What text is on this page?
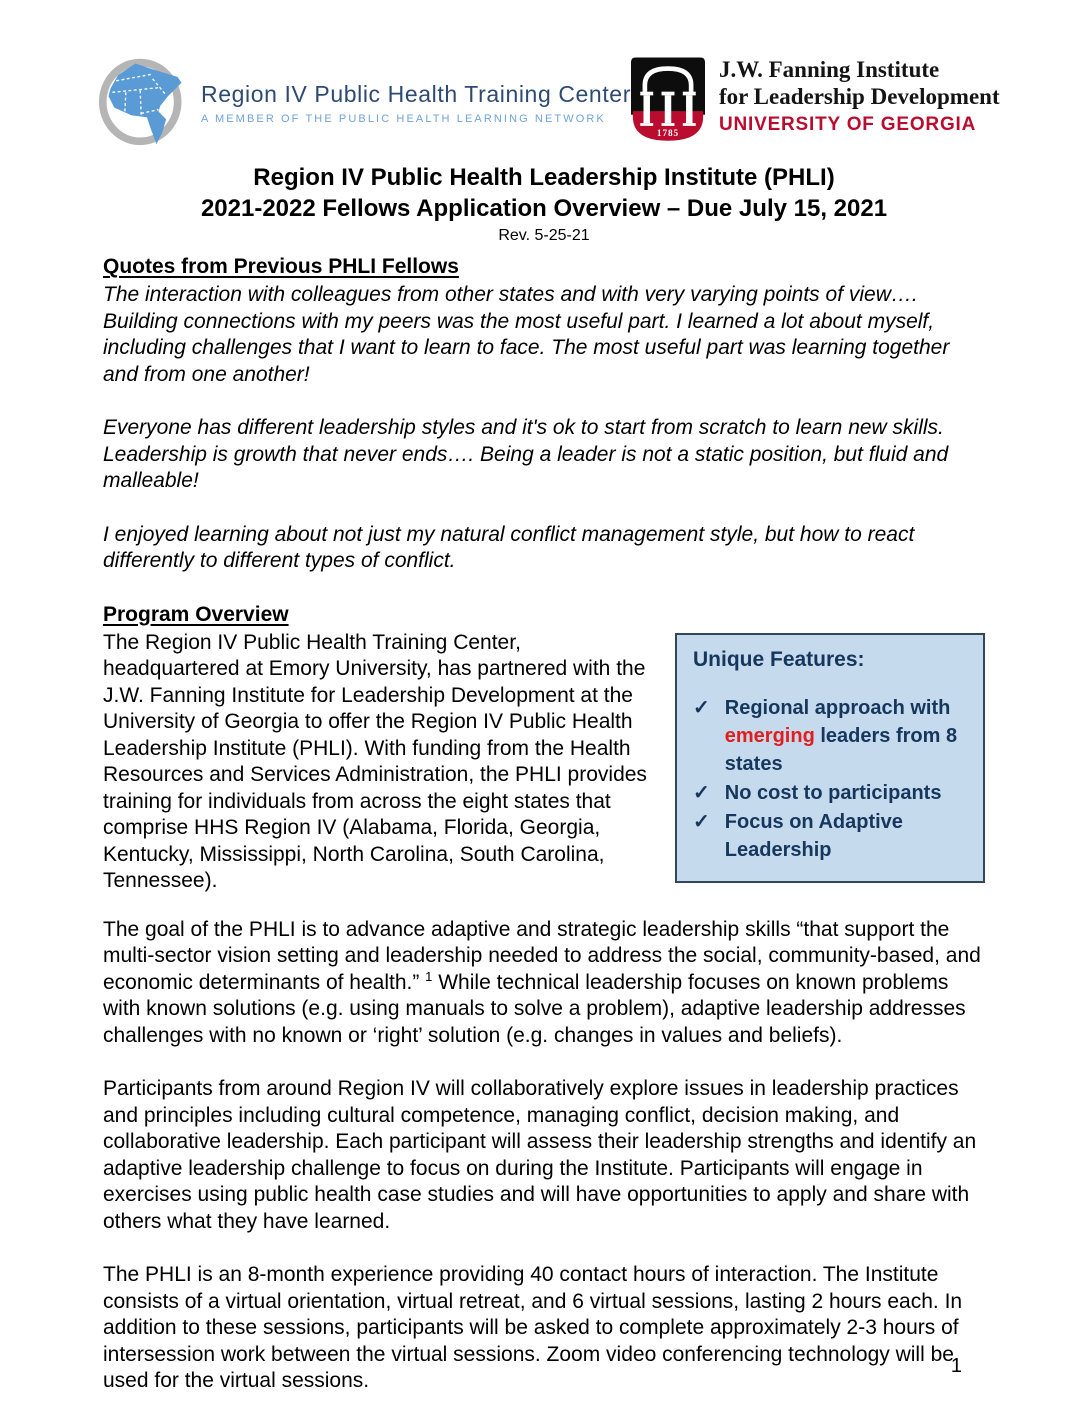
Region IV Public Health Training Center
A MEMBER OF THE PUBLIC HEALTH LEARNING NETWORK
1785
J.W. Fanning Institute
for Leadership Development
UNIVERSITY OF GEORGIA
Region IV Public Health Leadership Institute (PHLI)
2021-2022 Fellows Application Overview – Due July 15, 2021
Rev. 5-25-21
Quotes from Previous PHLI Fellows

The interaction with colleagues from other states and with very varying points of view…. Building connections with my peers was the most useful part. I learned a lot about myself, including challenges that I want to learn to face. The most useful part was learning together and from one another!

Everyone has different leadership styles and it's ok to start from scratch to learn new skills. Leadership is growth that never ends…. Being a leader is not a static position, but fluid and malleable!

I enjoyed learning about not just my natural conflict management style, but how to react differently to different types of conflict.

Program Overview
Unique Features:
✓ Regional approach with emerging leaders from 8 states
✓ No cost to participants
✓ Focus on Adaptive Leadership

The Region IV Public Health Training Center, headquartered at Emory University, has partnered with the J.W. Fanning Institute for Leadership Development at the University of Georgia to offer the Region IV Public Health Leadership Institute (PHLI). With funding from the Health Resources and Services Administration, the PHLI provides training for individuals from across the eight states that comprise HHS Region IV (Alabama, Florida, Georgia, Kentucky, Mississippi, North Carolina, South Carolina, Tennessee).

The goal of the PHLI is to advance adaptive and strategic leadership skills “that support the multi-sector vision setting and leadership needed to address the social, community-based, and economic determinants of health.” $^1$ While technical leadership focuses on known problems with known solutions (e.g. using manuals to solve a problem), adaptive leadership addresses challenges with no known or ‘right’ solution (e.g. changes in values and beliefs).

Participants from around Region IV will collaboratively explore issues in leadership practices and principles including cultural competence, managing conflict, decision making, and collaborative leadership. Each participant will assess their leadership strengths and identify an adaptive leadership challenge to focus on during the Institute. Participants will engage in exercises using public health case studies and will have opportunities to apply and share with others what they have learned.

The PHLI is an 8-month experience providing 40 contact hours of interaction. The Institute consists of a virtual orientation, virtual retreat, and 6 virtual sessions, lasting 2 hours each. In addition to these sessions, participants will be asked to complete approximately 2-3 hours of intersession work between the virtual sessions. Zoom video conferencing technology will be used for the virtual sessions.

1
